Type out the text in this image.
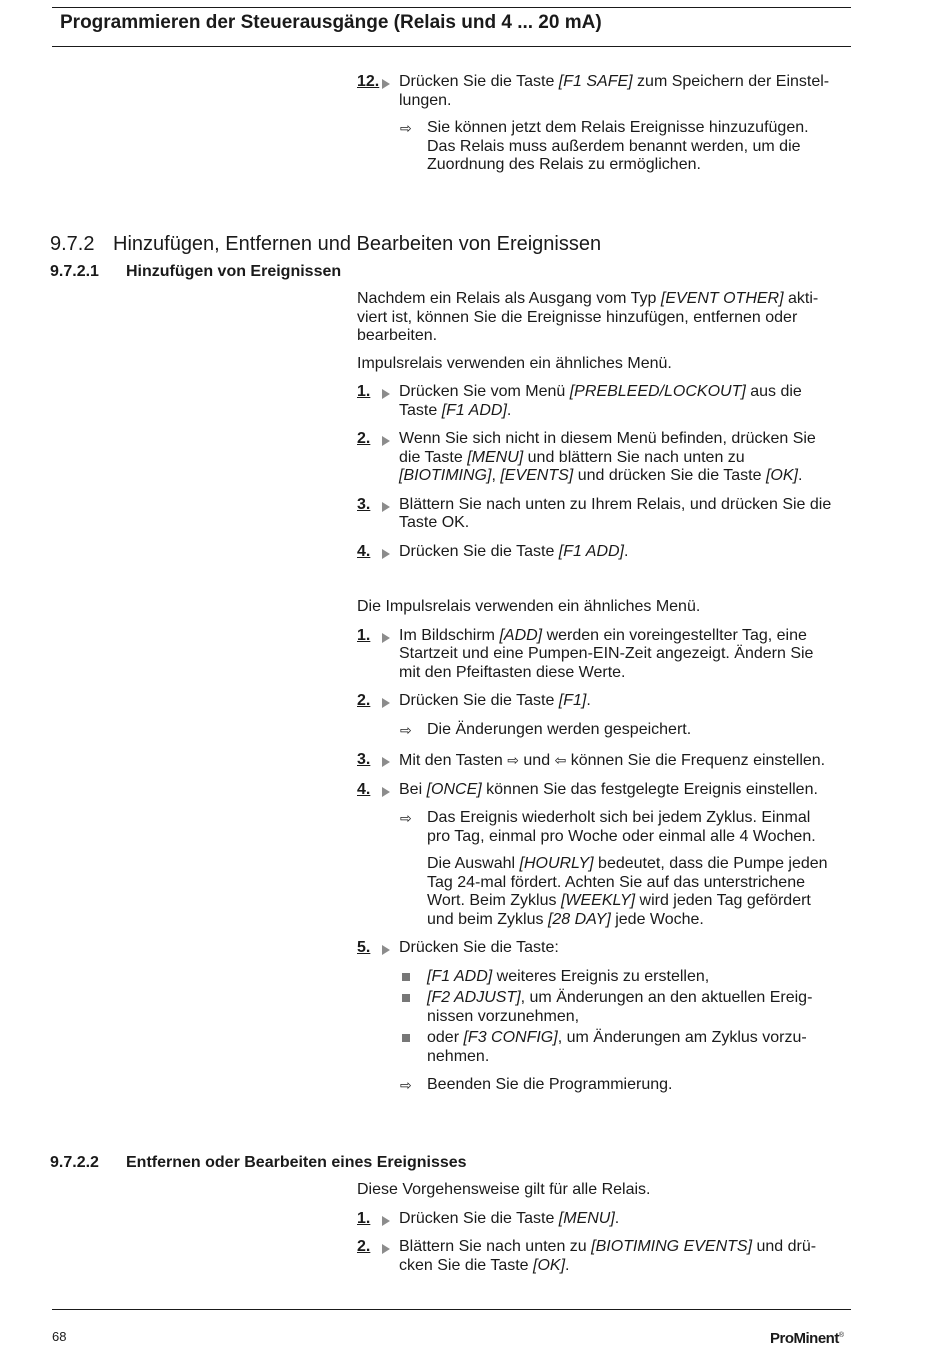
Programmieren der Steuerausgänge (Relais und 4 ... 20 mA)
12.	Drücken Sie die Taste [F1 SAFE] zum Speichern der Einstel-
lungen.
⇨ Sie können jetzt dem Relais Ereignisse hinzuzufügen.
Das Relais muss außerdem benannt werden, um die
Zuordnung des Relais zu ermöglichen.
9.7.2 Hinzufügen, Entfernen und Bearbeiten von Ereignissen
9.7.2.1 Hinzufügen von Ereignissen

Nachdem ein Relais als Ausgang vom Typ [EVENT OTHER] akti-
viert ist, können Sie die Ereignisse hinzufügen, entfernen oder
bearbeiten.

Impulsrelais verwenden ein ähnliches Menü.

1.	Drücken Sie vom Menü [PREBLEED/LOCKOUT] aus die
Taste [F1 ADD].
2.	Wenn Sie sich nicht in diesem Menü befinden, drücken Sie
die Taste [MENU] und blättern Sie nach unten zu
[BIOTIMING], [EVENTS] und drücken Sie die Taste [OK].
3.	Blättern Sie nach unten zu Ihrem Relais, und drücken Sie die
Taste OK.
4.	Drücken Sie die Taste [F1 ADD].

Die Impulsrelais verwenden ein ähnliches Menü.

1.	Im Bildschirm [ADD] werden ein voreingestellter Tag, eine
Startzeit und eine Pumpen-EIN-Zeit angezeigt. Ändern Sie
mit den Pfeiftasten diese Werte.
2.	Drücken Sie die Taste [F1].
⇨ Die Änderungen werden gespeichert.
3.	Mit den Tasten ⇨ und ⇦ können Sie die Frequenz einstellen.
4.	Bei [ONCE] können Sie das festgelegte Ereignis einstellen.
⇨ Das Ereignis wiederholt sich bei jedem Zyklus. Einmal
pro Tag, einmal pro Woche oder einmal alle 4 Wochen.
Die Auswahl [HOURLY] bedeutet, dass die Pumpe jeden
Tag 24-mal fördert. Achten Sie auf das unterstrichene
Wort. Beim Zyklus [WEEKLY] wird jeden Tag gefördert
und beim Zyklus [28 DAY] jede Woche.
5.	Drücken Sie die Taste:
[F1 ADD] weiteres Ereignis zu erstellen,
[F2 ADJUST], um Änderungen an den aktuellen Ereig-
nissen vorzunehmen,
oder [F3 CONFIG], um Änderungen am Zyklus vorzu-
nehmen.
⇨ Beenden Sie die Programmierung.
9.7.2.2 Entfernen oder Bearbeiten eines Ereignisses

Diese Vorgehensweise gilt für alle Relais.

1.	Drücken Sie die Taste [MENU].
2.	Blättern Sie nach unten zu [BIOTIMING EVENTS] und drü-
cken Sie die Taste [OK].
68	ProMinent®
